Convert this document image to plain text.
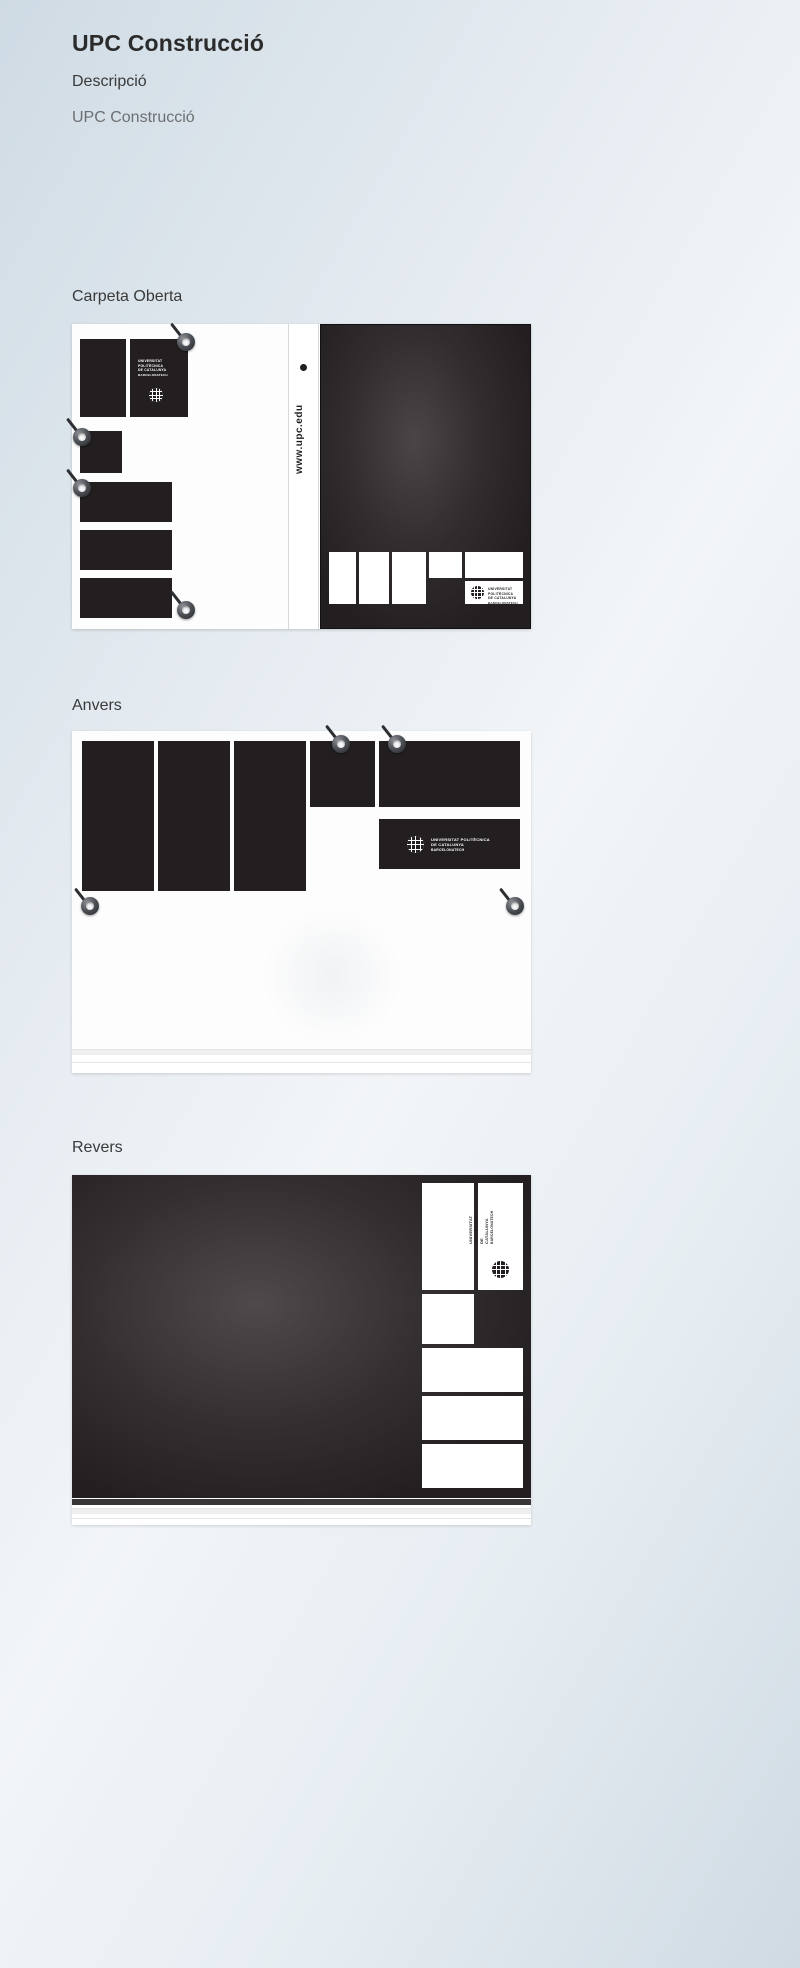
UPC Construcció
Descripció
UPC Construcció
Carpeta Oberta
UNIVERSITAT POLITÈCNICA
DE CATALUNYA
BARCELONATECH
www.upc.edu
UNIVERSITAT POLITÈCNICA
DE CATALUNYA
BARCELONATECH
Anvers
UNIVERSITAT POLITÈCNICA
DE CATALUNYA
BARCELONATECH
Revers
UNIVERSITAT POLITÈCNICA DE CATALUNYA BARCELONATECH
